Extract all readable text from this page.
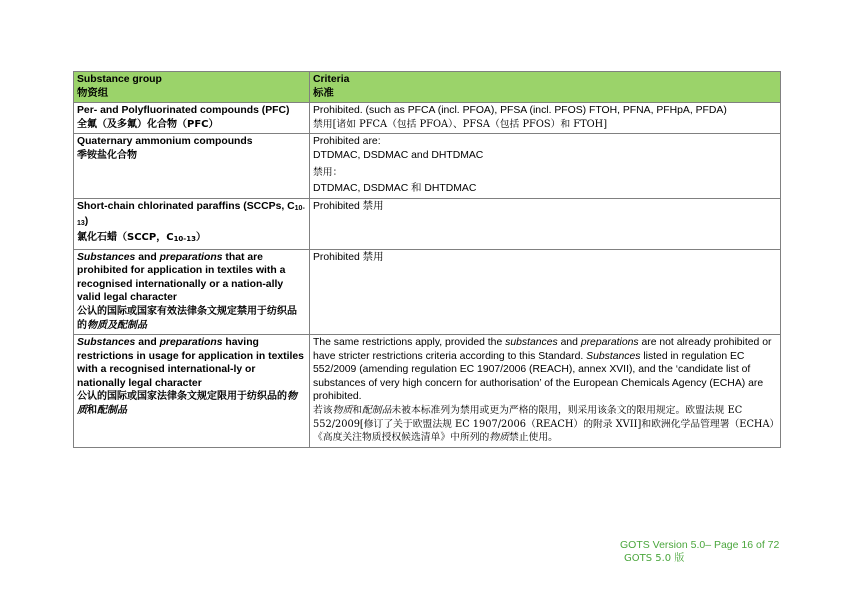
Substance group
物资组	Criteria
标准

Per- and Polyfluorinated compounds (PFC)
全氟（及多氟）化合物（PFC）	Prohibited. (such as PFCA (incl. PFOA), PFSA (incl. PFOS) FTOH, PFNA, PFHpA, PFDA)
禁用[诸如 PFCA（包括 PFOA）、PFSA（包括 PFOS）和 FTOH]

Quaternary ammonium compounds
季铵盐化合物	Prohibited are:
DTDMAC, DSDMAC and DHTDMAC
禁用：
DTDMAC, DSDMAC 和 DHTDMAC

Short-chain chlorinated paraffins (SCCPs, $C_{10-13}$)
氯化石蜡（SCCP，$C_{10-13}$）	Prohibited 禁用

Substances and preparations that are prohibited for application in textiles with a recognised internationally or a nation-ally valid legal character
公认的国际或国家有效法律条文规定禁用于纺织品的物质及配制品	Prohibited 禁用

Substances and preparations having restrictions in usage for application in textiles with a recognised international-ly or nationally legal character
公认的国际或国家法律条文规定限用于纺织品的物质和配制品	The same restrictions apply, provided the substances and preparations are not already prohibited or have stricter restrictions criteria according to this Standard. Substances listed in regulation EC 552/2009 (amending regulation EC 1907/2006 (REACH), annex XVII), and the ‘candidate list of substances of very high concern for authorisation’ of the European Chemicals Agency (ECHA) are prohibited.
若该物质和配制品未被本标准列为禁用或更为严格的限用，则采用该条文的限用规定。欧盟法规 EC 552/2009[修订了关于欧盟法规 EC 1907/2006（REACH）的附录 XVII]和欧洲化学品管理署（ECHA）《高度关注物质授权候选清单》中所列的物质禁止使用。
GOTS Version 5.0– Page 16 of 72
GOTS 5.0 版
